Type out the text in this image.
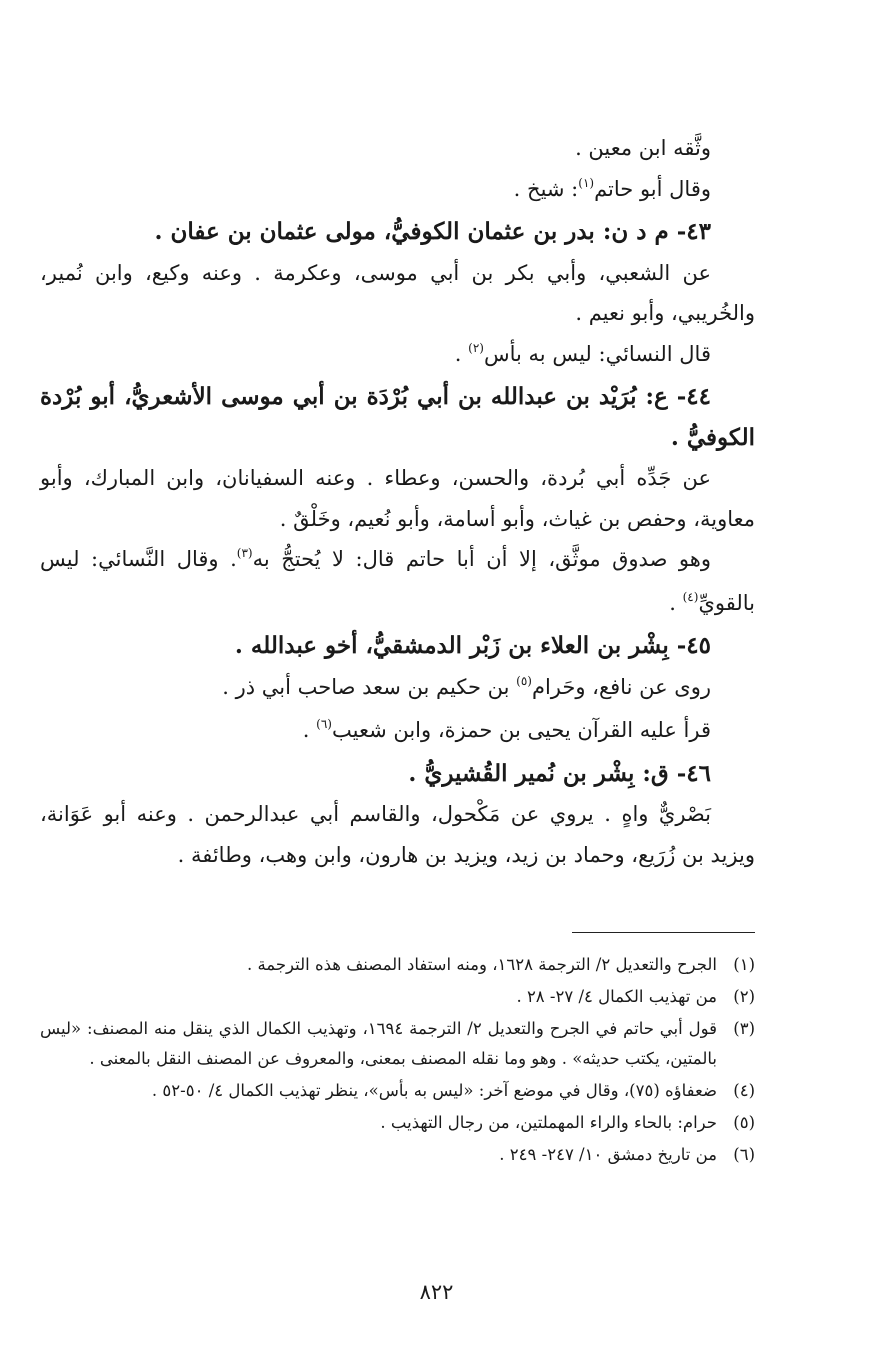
وثَّقه ابن معين .

وقال أبو حاتم$^{(١)}$: شيخ .

٤٣- م د ن: بدر بن عثمان الكوفيُّ، مولى عثمان بن عفان .

عن الشعبي، وأبي بكر بن أبي موسى، وعكرمة . وعنه وكيع، وابن نُمير، والخُريبي، وأبو نعيم .

قال النسائي: ليس به بأس$^{(٢)}$ .

٤٤- ع: بُرَيْد بن عبدالله بن أبي بُرْدَة بن أبي موسى الأشعريُّ، أبو بُرْدة الكوفيُّ .

عن جَدِّه أبي بُردة، والحسن، وعطاء . وعنه السفيانان، وابن المبارك، وأبو معاوية، وحفص بن غياث، وأبو أسامة، وأبو نُعيم، وخَلْقٌ .

وهو صدوق موثَّق، إلا أن أبا حاتم قال: لا يُحتجُّ به$^{(٣)}$. وقال النَّسائي: ليس بالقويِّ$^{(٤)}$ .

٤٥- بِشْر بن العلاء بن زَبْر الدمشقيُّ، أخو عبدالله .

روى عن نافع، وحَرام$^{(٥)}$ بن حكيم بن سعد صاحب أبي ذر .

قرأ عليه القرآن يحيى بن حمزة، وابن شعيب$^{(٦)}$ .

٤٦- ق: بِشْر بن نُمير القُشيريُّ .

بَصْريٌّ واهٍ . يروي عن مَكْحول، والقاسم أبي عبدالرحمن . وعنه أبو عَوَانة، ويزيد بن زُرَيع، وحماد بن زيد، ويزيد بن هارون، وابن وهب، وطائفة .

(١)
الجرح والتعديل ٢/ الترجمة ١٦٢٨، ومنه استفاد المصنف هذه الترجمة .
(٢)
من تهذيب الكمال ٤/ ٢٧- ٢٨ .
(٣)
قول أبي حاتم في الجرح والتعديل ٢/ الترجمة ١٦٩٤، وتهذيب الكمال الذي ينقل منه المصنف: «ليس بالمتين، يكتب حديثه» . وهو وما نقله المصنف بمعنى، والمعروف عن المصنف النقل بالمعنى .
(٤)
ضعفاؤه (٧٥)، وقال في موضع آخر: «ليس به بأس»، ينظر تهذيب الكمال ٤/ ٥٠-٥٢ .
(٥)
حرام: بالحاء والراء المهملتين، من رجال التهذيب .
(٦)
من تاريخ دمشق ١٠/ ٢٤٧- ٢٤٩ .
٨٢٢
